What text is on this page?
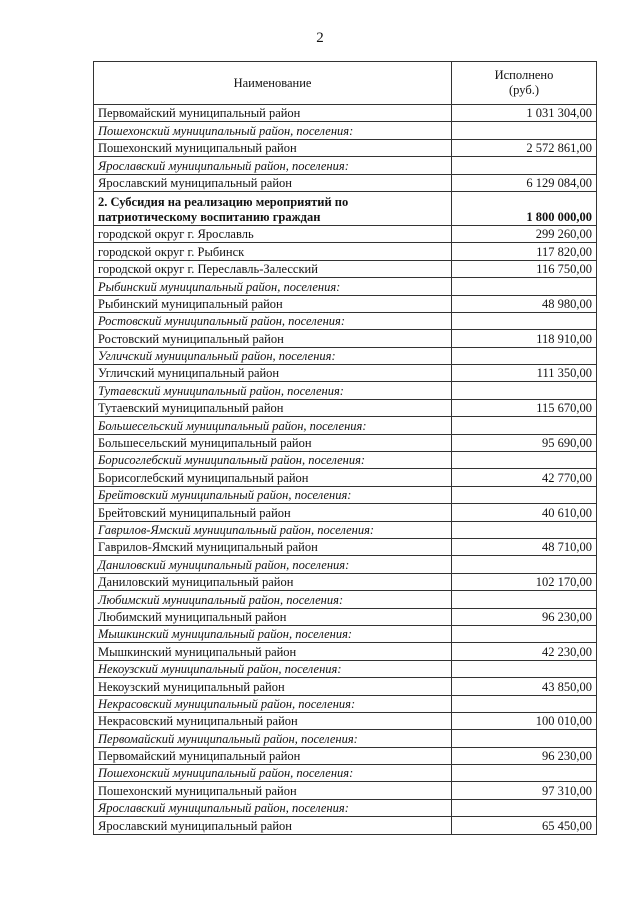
2
Наименование	Исполнено
(руб.)
Первомайский муниципальный район	1 031 304,00
Пошехонский муниципальный район, поселения:	
Пошехонский муниципальный район	2 572 861,00
Ярославский муниципальный район, поселения:	
Ярославский муниципальный район	6 129 084,00
2. Субсидия на реализацию мероприятий по патриотическому воспитанию граждан	1 800 000,00
городской округ г. Ярославль	299 260,00
городской округ г. Рыбинск	117 820,00
городской округ г. Переславль-Залесский	116 750,00
Рыбинский муниципальный район, поселения:	
Рыбинский муниципальный район	48 980,00
Ростовский муниципальный район, поселения:	
Ростовский муниципальный район	118 910,00
Угличский муниципальный район, поселения:	
Угличский муниципальный район	111 350,00
Тутаевский муниципальный район, поселения:	
Тутаевский муниципальный район	115 670,00
Большесельский муниципальный район, поселения:	
Большесельский муниципальный район	95 690,00
Борисоглебский муниципальный район, поселения:	
Борисоглебский муниципальный район	42 770,00
Брейтовский муниципальный район, поселения:	
Брейтовский муниципальный район	40 610,00
Гаврилов-Ямский муниципальный район, поселения:	
Гаврилов-Ямский муниципальный район	48 710,00
Даниловский муниципальный район, поселения:	
Даниловский муниципальный район	102 170,00
Любимский муниципальный район, поселения:	
Любимский муниципальный район	96 230,00
Мышкинский муниципальный район, поселения:	
Мышкинский муниципальный район	42 230,00
Некоузский муниципальный район, поселения:	
Некоузский муниципальный район	43 850,00
Некрасовский муниципальный район, поселения:	
Некрасовский муниципальный район	100 010,00
Первомайский муниципальный район, поселения:	
Первомайский муниципальный район	96 230,00
Пошехонский муниципальный район, поселения:	
Пошехонский муниципальный район	97 310,00
Ярославский муниципальный район, поселения:	
Ярославский муниципальный район	65 450,00
